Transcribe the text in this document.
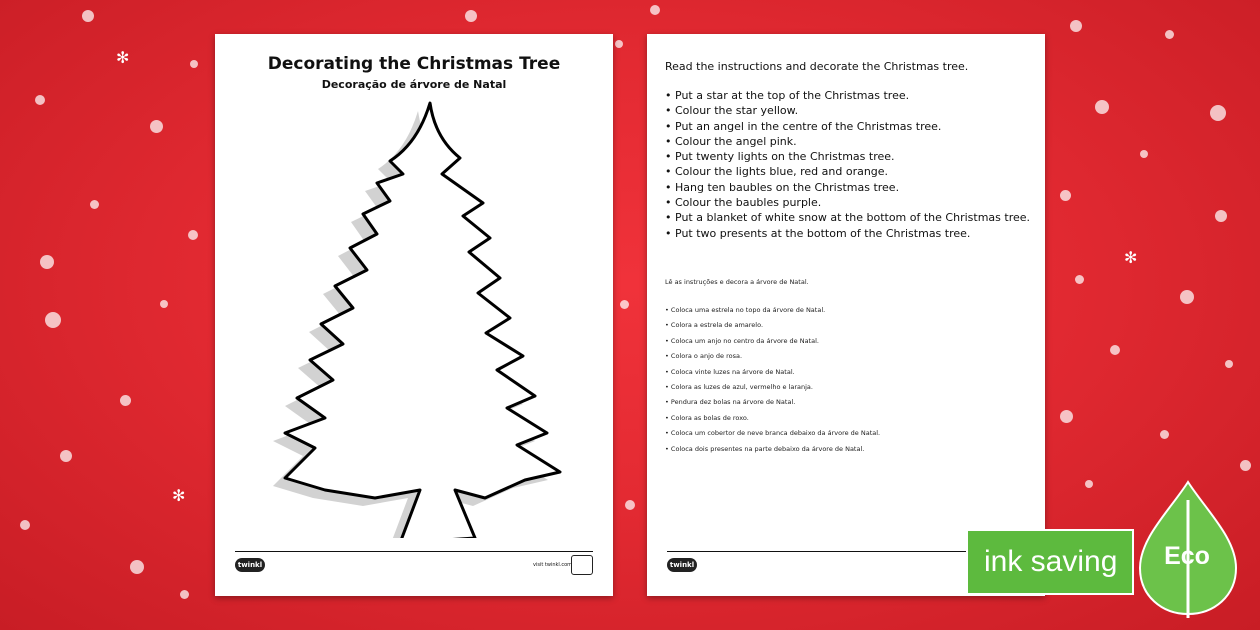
✻
✻
✻
Decorating the Christmas Tree
Decoração de árvore de Natal
twinkl	visit twinkl.com
Read the instructions and decorate the Christmas tree.
• Put a star at the top of the Christmas tree.
• Colour the star yellow.
• Put an angel in the centre of the Christmas tree.
• Colour the angel pink.
• Put twenty lights on the Christmas tree.
• Colour the lights blue, red and orange.
• Hang ten baubles on the Christmas tree.
• Colour the baubles purple.
• Put a blanket of white snow at the bottom of the Christmas tree.
• Put two presents at the bottom of the Christmas tree.
Lê as instruções e decora a árvore de Natal.
• Coloca uma estrela no topo da árvore de Natal.
• Colora a estrela de amarelo.
• Coloca um anjo no centro da árvore de Natal.
• Colora o anjo de rosa.
• Coloca vinte luzes na árvore de Natal.
• Colora as luzes de azul, vermelho e laranja.
• Pendura dez bolas na árvore de Natal.
• Colora as bolas de roxo.
• Coloca um cobertor de neve branca debaixo da árvore de Natal.
• Coloca dois presentes na parte debaixo da árvore de Natal.
twinkl	ink saving	Eco
